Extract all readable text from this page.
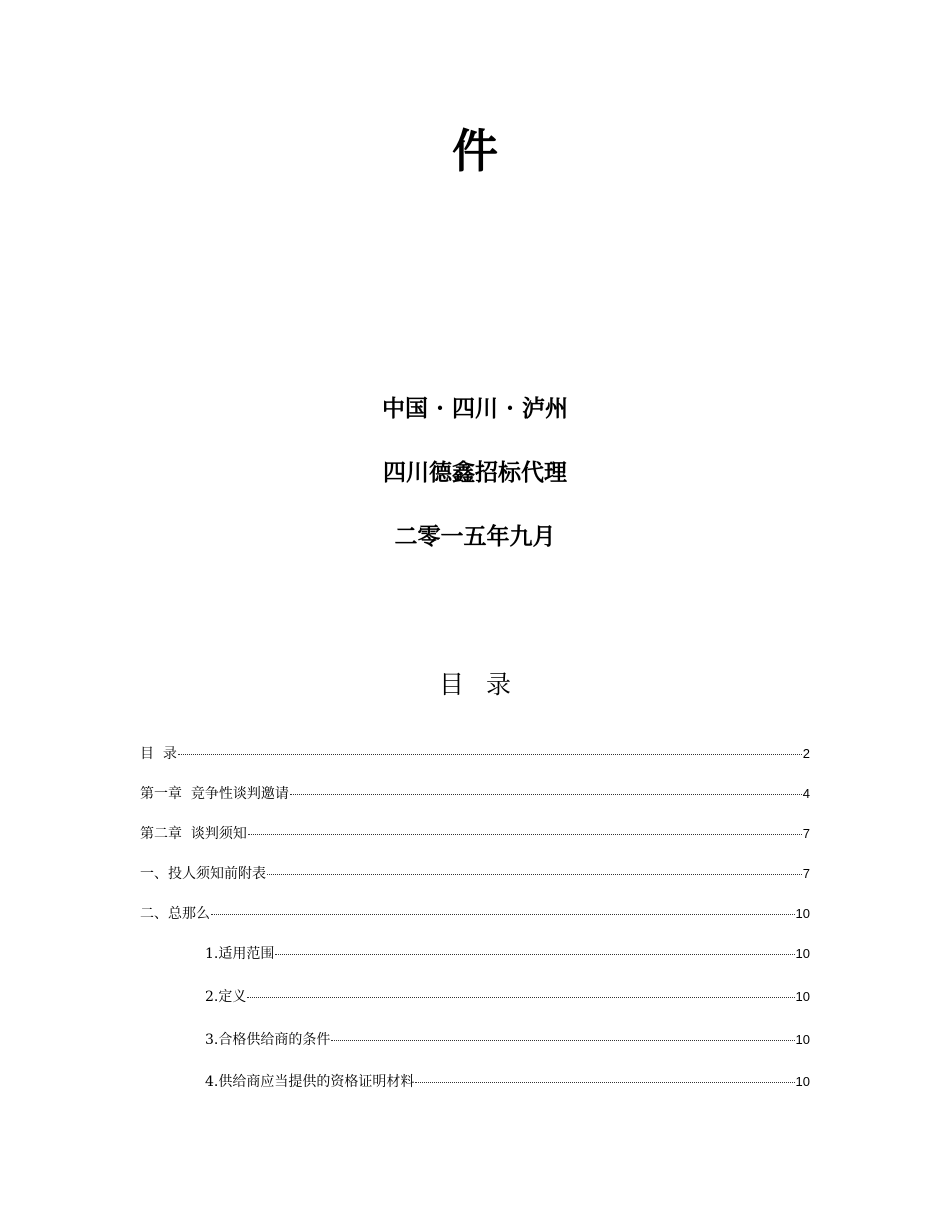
件
中国 · 四川 · 泸州
四川德鑫招标代理
二零一五年九月
目 录
目  录	2
第一章  竞争性谈判邀请	4
第二章  谈判须知	7
一、投人须知前附表	7
二、总那么	10
1.适用范围	10
2.定义	10
3.合格供给商的条件	10
4.供给商应当提供的资格证明材料	10
